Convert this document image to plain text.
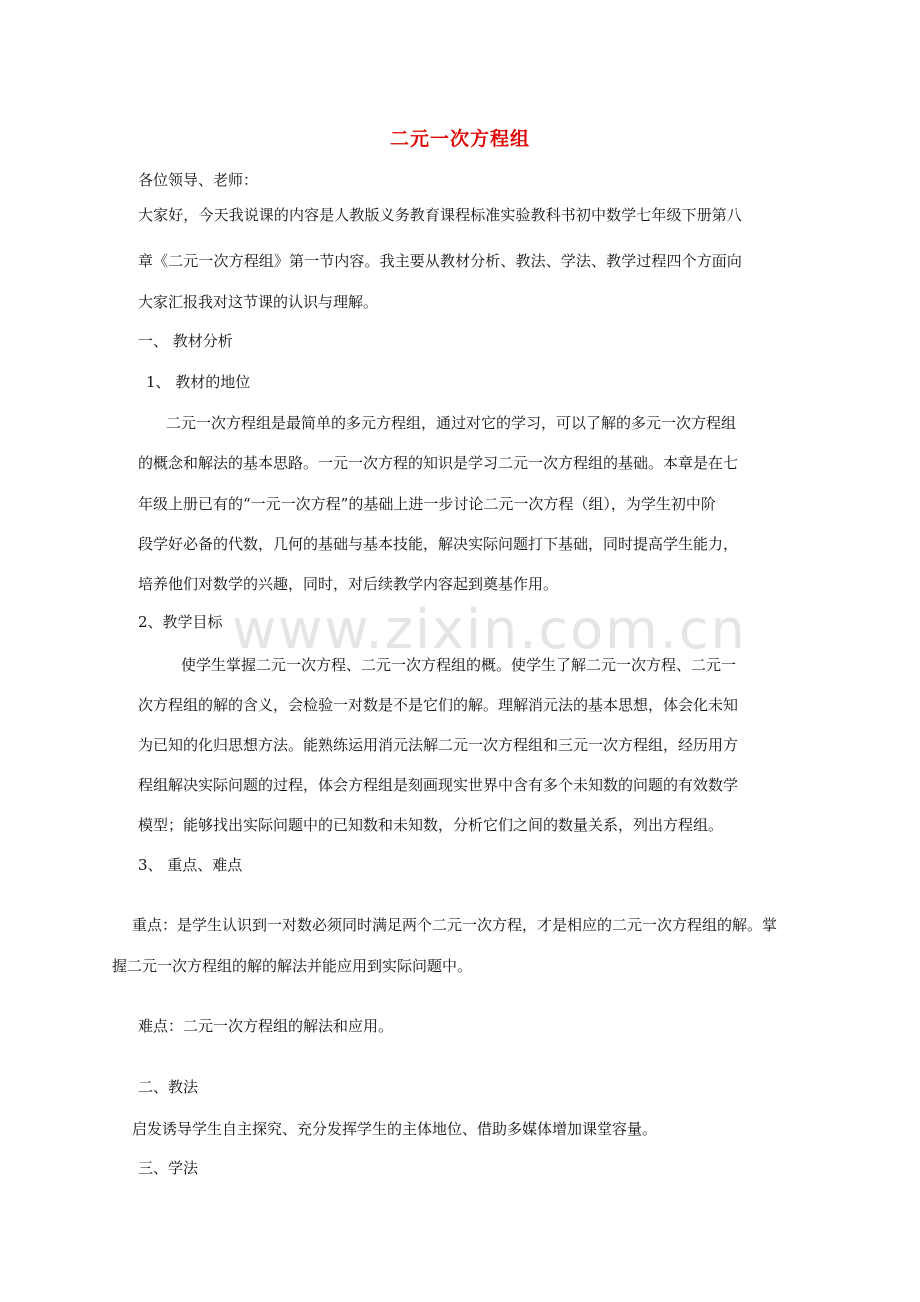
www.zixin.com.cn
二元一次方程组
各位领导、老师：
大家好，今天我说课的内容是人教版义务教育课程标准实验教科书初中数学七年级下册第八
章《二元一次方程组》第一节内容。我主要从教材分析、教法、学法、教学过程四个方面向
大家汇报我对这节课的认识与理解。
一、 教材分析
1、 教材的地位
二元一次方程组是最简单的多元方程组，通过对它的学习，可以了解的多元一次方程组
的概念和解法的基本思路。一元一次方程的知识是学习二元一次方程组的基础。本章是在七
年级上册已有的“一元一次方程”的基础上进一步讨论二元一次方程（组），为学生初中阶
段学好必备的代数，几何的基础与基本技能，解决实际问题打下基础，同时提高学生能力，
培养他们对数学的兴趣，同时，对后续教学内容起到奠基作用。
2、教学目标
使学生掌握二元一次方程、二元一次方程组的概。使学生了解二元一次方程、二元一
次方程组的解的含义，会检验一对数是不是它们的解。理解消元法的基本思想，体会化未知
为已知的化归思想方法。能熟练运用消元法解二元一次方程组和三元一次方程组，经历用方
程组解决实际问题的过程，体会方程组是刻画现实世界中含有多个未知数的问题的有效数学
模型；能够找出实际问题中的已知数和未知数，分析它们之间的数量关系，列出方程组。
3、 重点、难点
重点：是学生认识到一对数必须同时满足两个二元一次方程，才是相应的二元一次方程组的解。掌
握二元一次方程组的解的解法并能应用到实际问题中。
难点：二元一次方程组的解法和应用。
二、教法
启发诱导学生自主探究、充分发挥学生的主体地位、借助多媒体增加课堂容量。
三、学法
